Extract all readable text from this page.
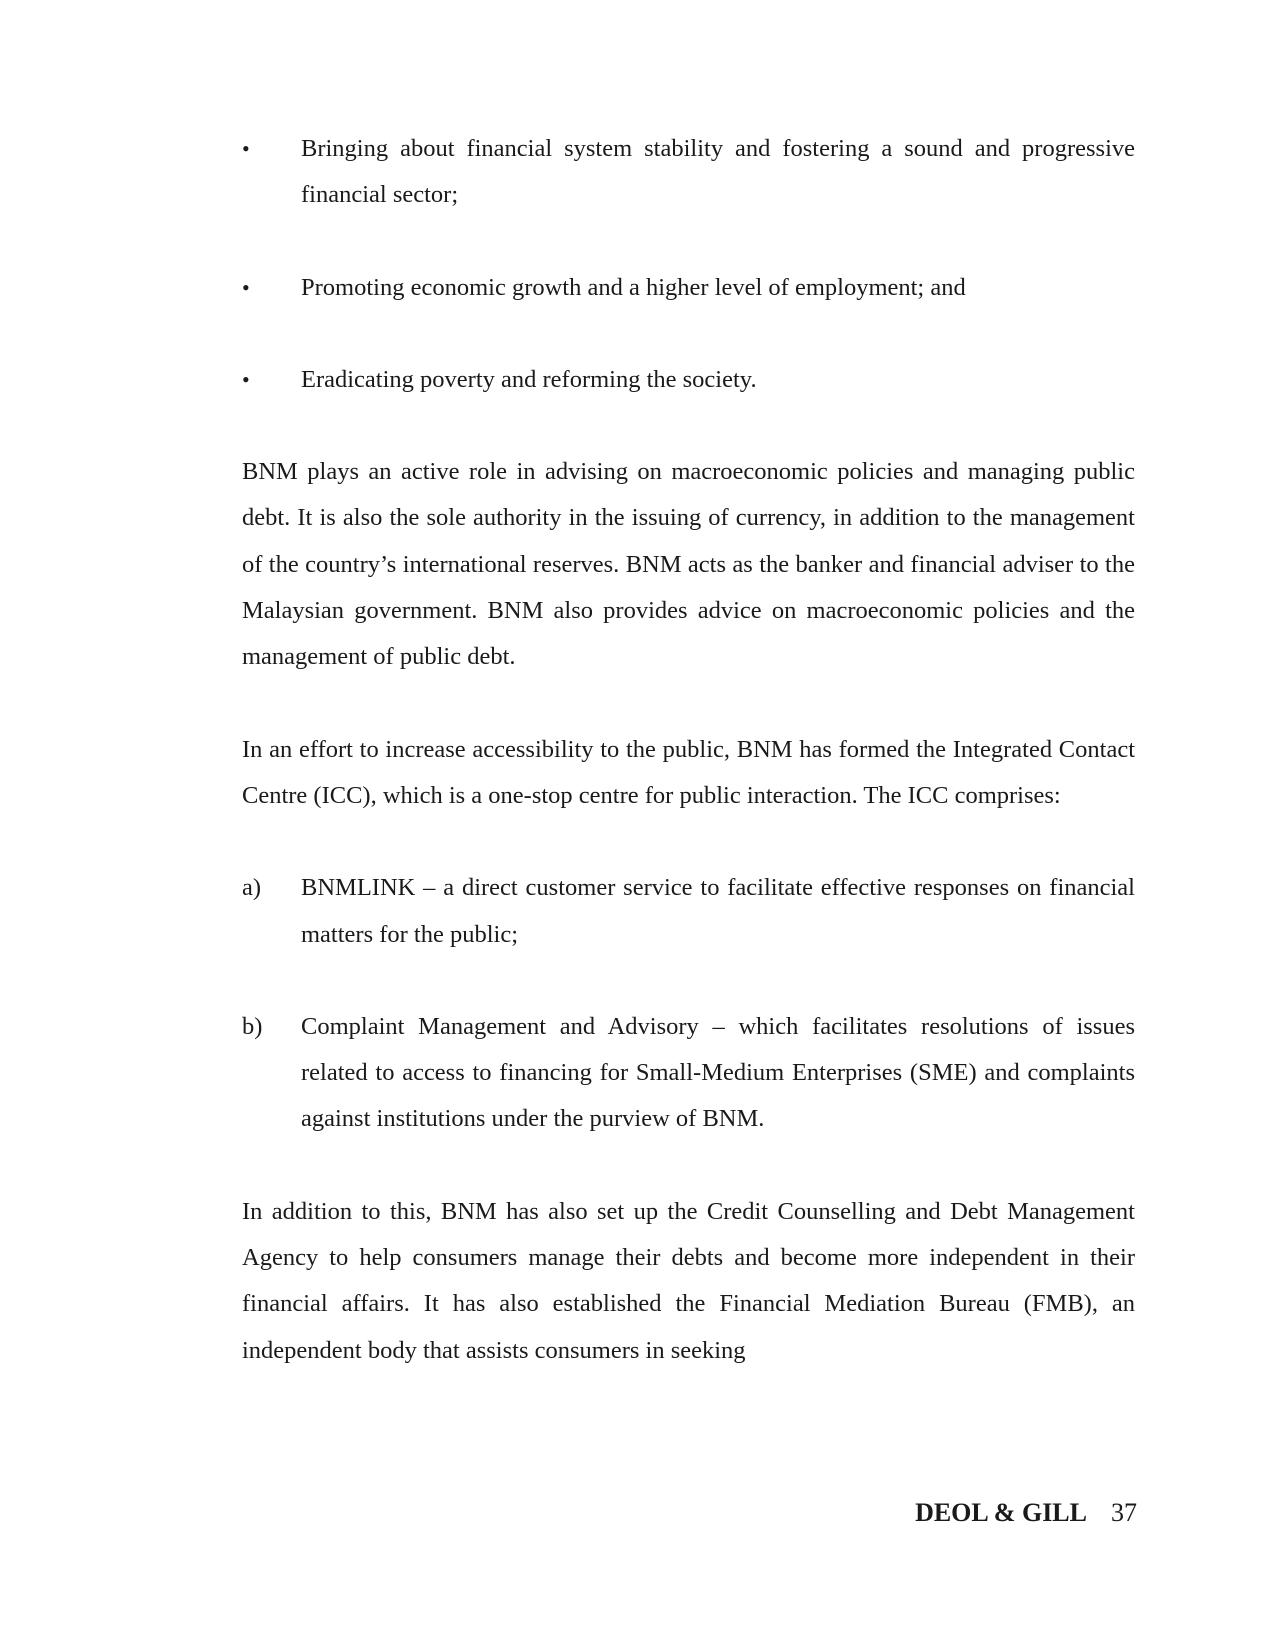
• Bringing about financial system stability and fostering a sound and progressive financial sector;
• Promoting economic growth and a higher level of employment; and
• Eradicating poverty and reforming the society.

BNM plays an active role in advising on macroeconomic policies and managing public debt. It is also the sole authority in the issuing of currency, in addition to the management of the country’s international reserves. BNM acts as the banker and financial adviser to the Malaysian government. BNM also provides advice on macroeconomic policies and the management of public debt.

In an effort to increase accessibility to the public, BNM has formed the Integrated Contact Centre (ICC), which is a one-stop centre for public interaction. The ICC comprises:

a) BNMLINK – a direct customer service to facilitate effective responses on financial matters for the public;
b) Complaint Management and Advisory – which facilitates resolutions of issues related to access to financing for Small-Medium Enterprises (SME) and complaints against institutions under the purview of BNM.

In addition to this, BNM has also set up the Credit Counselling and Debt Management Agency to help consumers manage their debts and become more independent in their financial affairs. It has also established the Financial Mediation Bureau (FMB), an independent body that assists consumers in seeking

DEOL & GILL 37
